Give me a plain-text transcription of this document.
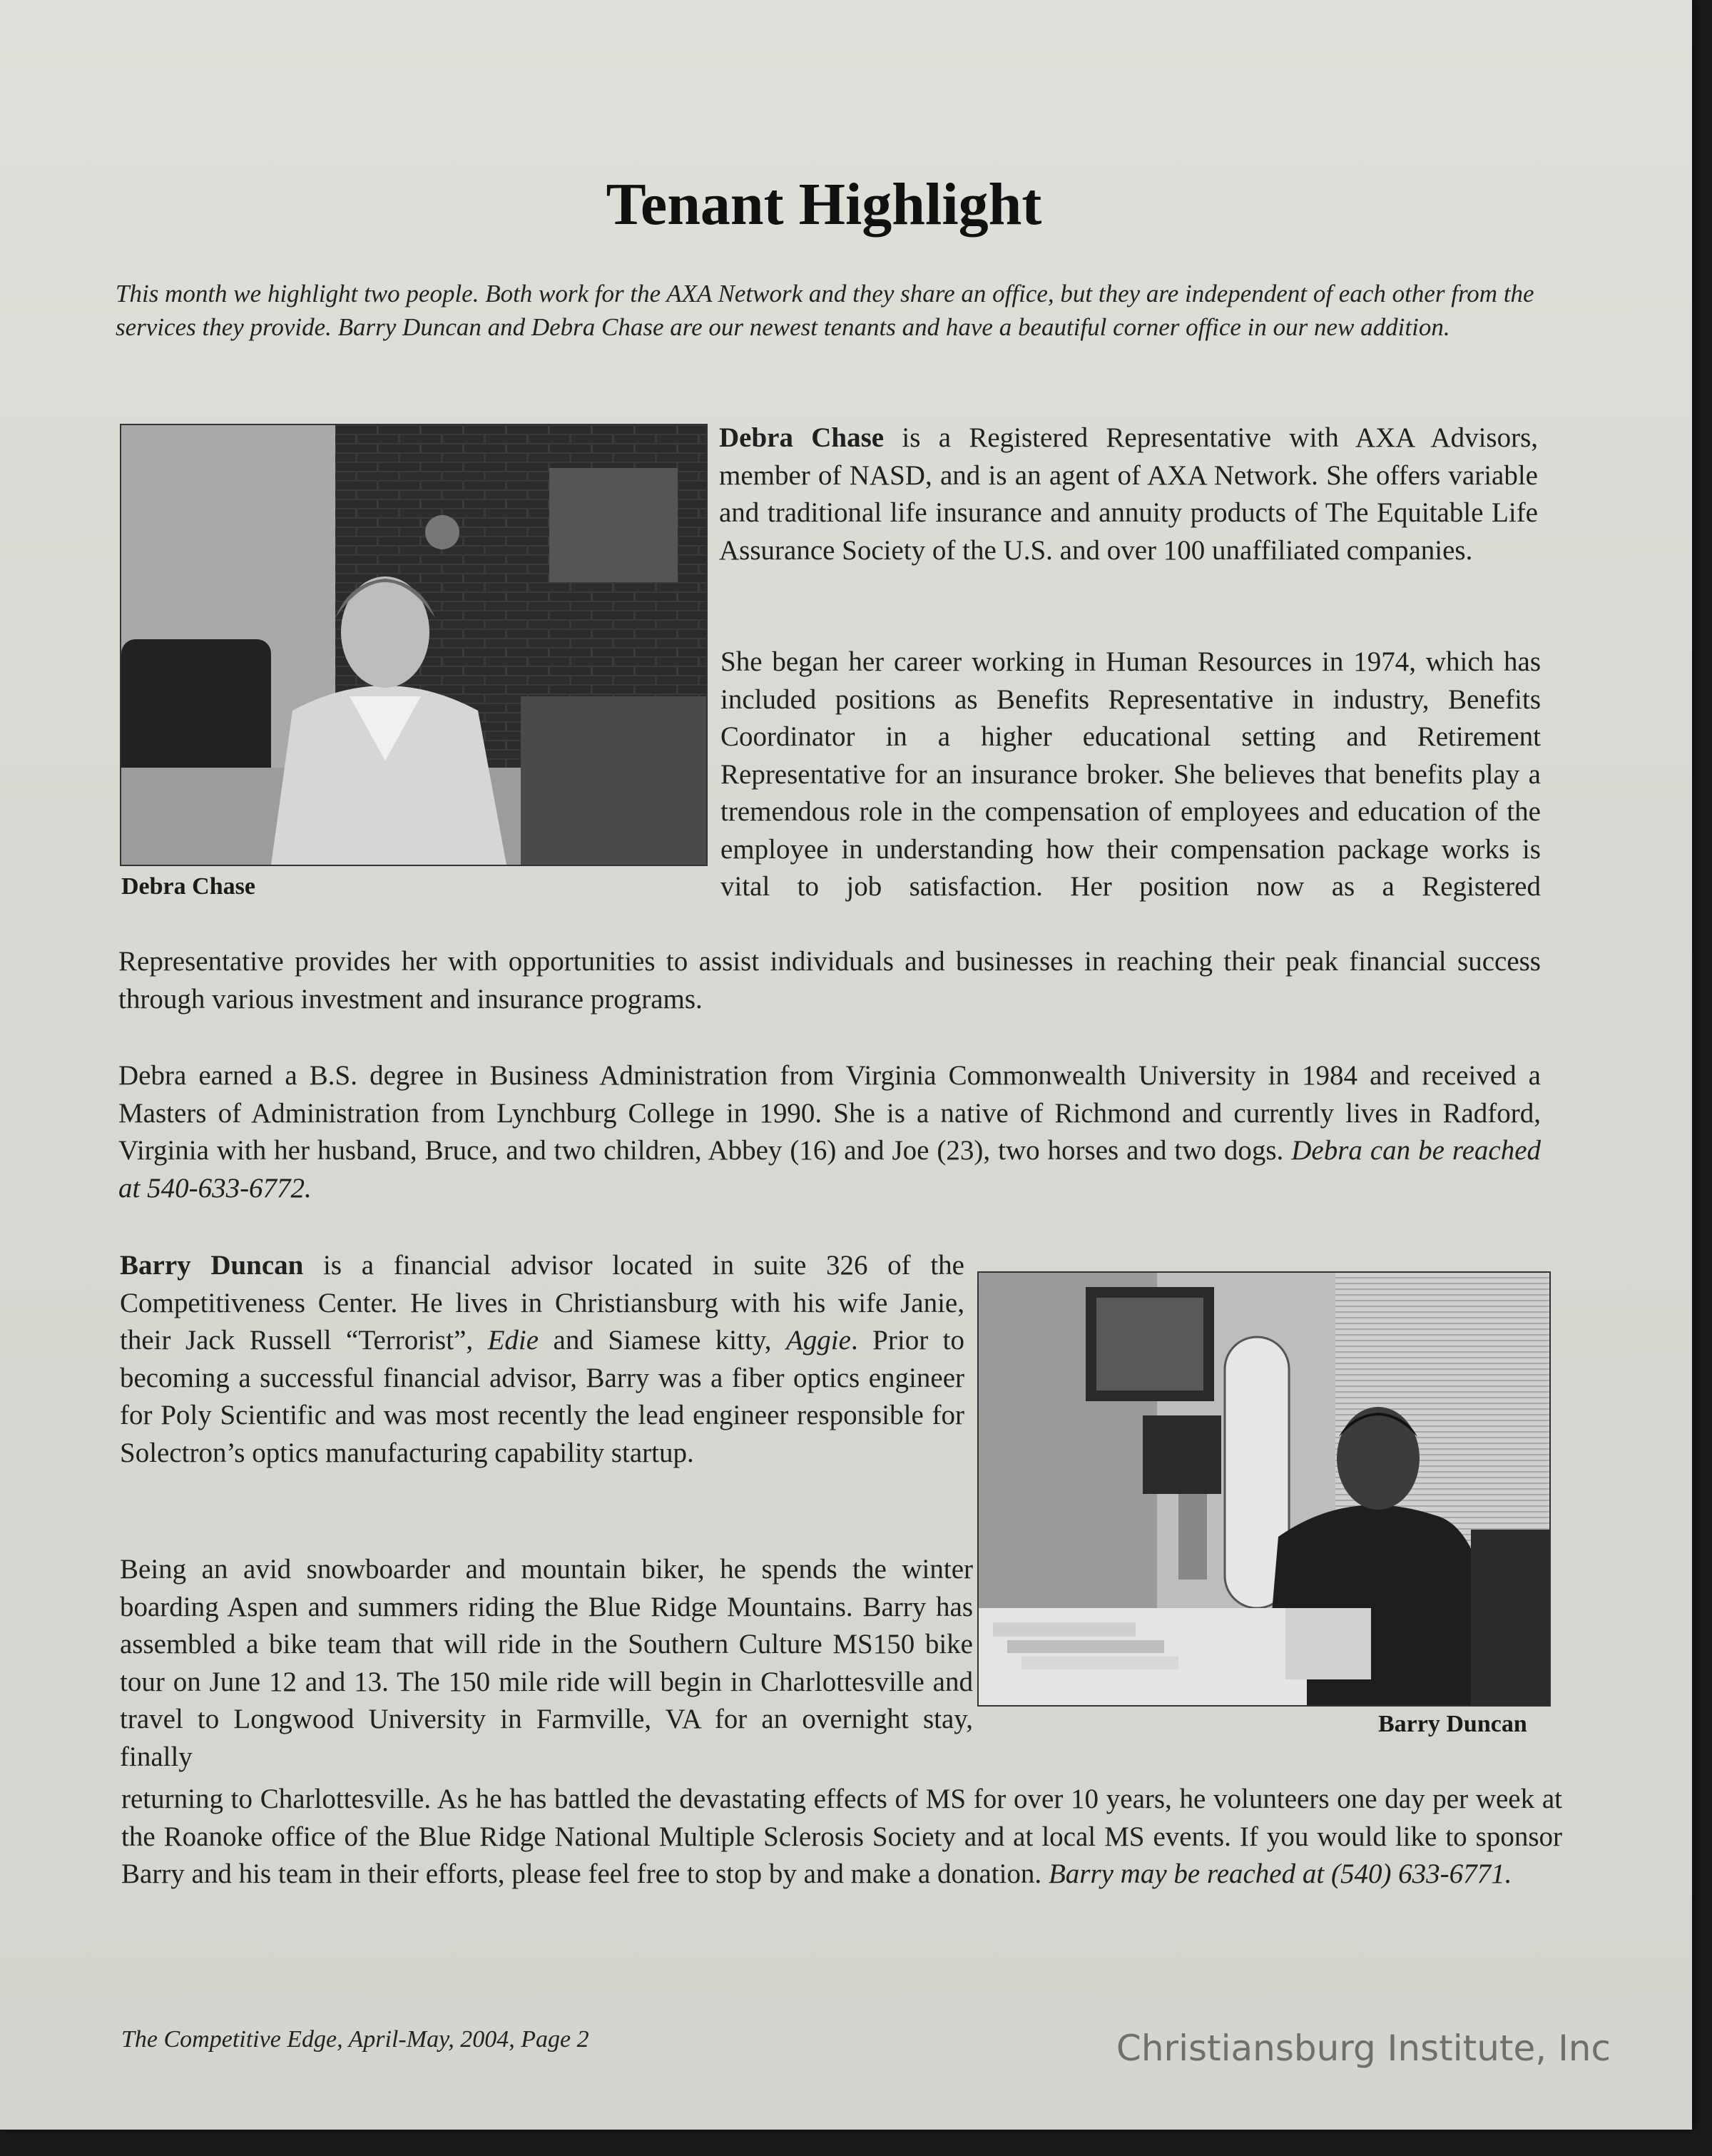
Tenant Highlight

This month we highlight two people. Both work for the AXA Network and they share an office, but they are independent of each other from the services they provide. Barry Duncan and Debra Chase are our newest tenants and have a beautiful corner office in our new addition.

Debra Chase

Debra Chase is a Registered Representative with AXA Advisors, member of NASD, and is an agent of AXA Network. She offers variable and traditional life insurance and annuity products of The Equitable Life Assurance Society of the U.S. and over 100 unaffiliated companies.

She began her career working in Human Resources in 1974, which has included positions as Benefits Representative in industry, Benefits Coordinator in a higher educational setting and Retirement Representative for an insurance broker. She believes that benefits play a tremendous role in the compensation of employees and education of the employee in understanding how their compensation package works is vital to job satisfaction. Her position now as a Registered

Representative provides her with opportunities to assist individuals and businesses in reaching their peak financial success through various investment and insurance programs.

Debra earned a B.S. degree in Business Administration from Virginia Commonwealth University in 1984 and received a Masters of Administration from Lynchburg College in 1990. She is a native of Richmond and currently lives in Radford, Virginia with her husband, Bruce, and two children, Abbey (16) and Joe (23), two horses and two dogs. Debra can be reached at 540-633-6772.

Barry Duncan

Barry Duncan is a financial advisor located in suite 326 of the Competitiveness Center. He lives in Christiansburg with his wife Janie, their Jack Russell “Terrorist”, Edie and Siamese kitty, Aggie. Prior to becoming a successful financial advisor, Barry was a fiber optics engineer for Poly Scientific and was most recently the lead engineer responsible for Solectron’s optics manufacturing capability startup.

Being an avid snowboarder and mountain biker, he spends the winter boarding Aspen and summers riding the Blue Ridge Mountains. Barry has assembled a bike team that will ride in the Southern Culture MS150 bike tour on June 12 and 13. The 150 mile ride will begin in Charlottesville and travel to Longwood University in Farmville, VA for an overnight stay, finally

returning to Charlottesville. As he has battled the devastating effects of MS for over 10 years, he volunteers one day per week at the Roanoke office of the Blue Ridge National Multiple Sclerosis Society and at local MS events. If you would like to sponsor Barry and his team in their efforts, please feel free to stop by and make a donation. Barry may be reached at (540) 633-6771.

The Competitive Edge, April-May, 2004, Page 2	Christiansburg Institute, Inc
